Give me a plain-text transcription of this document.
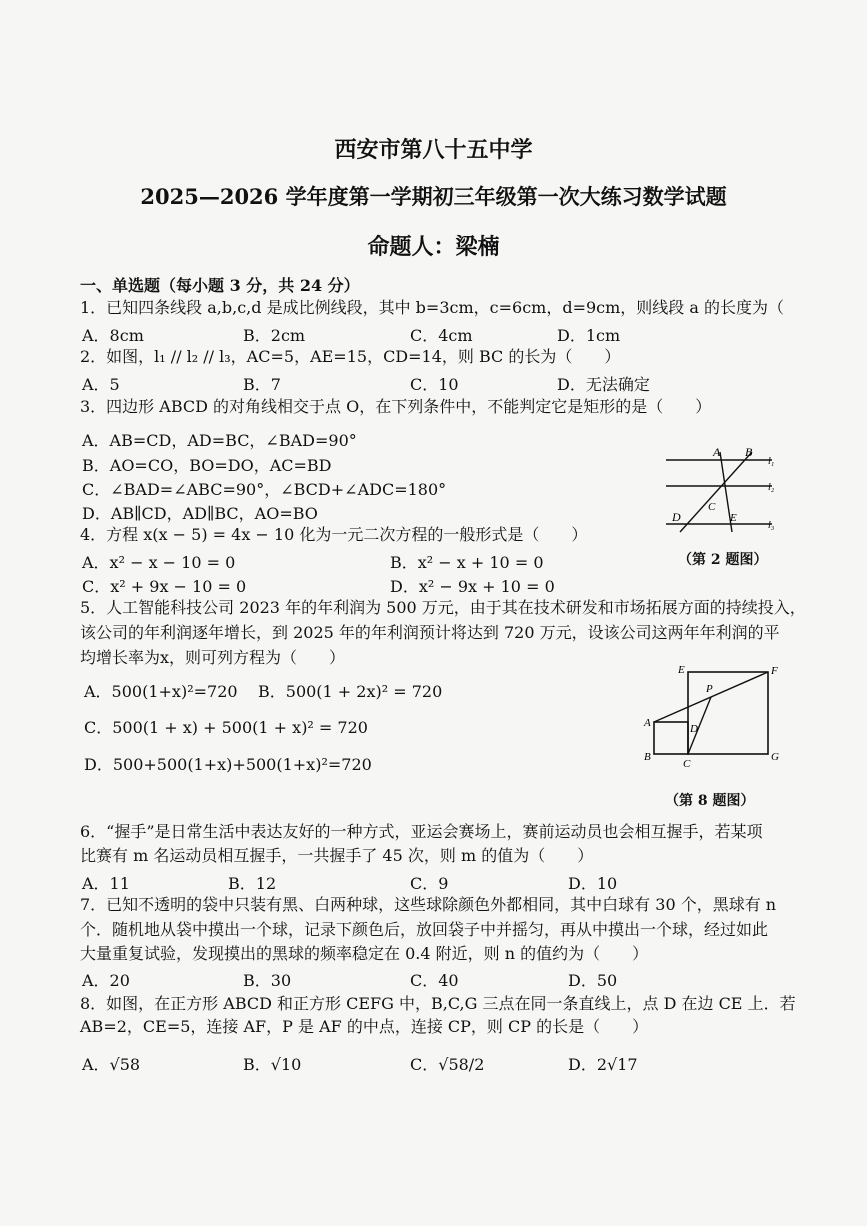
西安市第八十五中学
2025—2026 学年度第一学期初三年级第一次大练习数学试题
命题人：梁楠
一、单选题（每小题 3 分，共 24 分）
1．已知四条线段 a,b,c,d 是成比例线段，其中 b=3cm，c=6cm，d=9cm，则线段 a 的长度为（
A．8cm	B．2cm	C．4cm	D．1cm
2．如图，l₁ // l₂ // l₃，AC=5，AE=15，CD=14，则 BC 的长为（　　）
A．5	B．7	C．10	D．无法确定
3．四边形 ABCD 的对角线相交于点 O，在下列条件中，不能判定它是矩形的是（　　）
A．AB=CD，AD=BC，∠BAD=90°
B．AO=CO，BO=DO，AC=BD
C．∠BAD=∠ABC=90°，∠BCD+∠ADC=180°
D．AB∥CD，AD∥BC，AO=BO
A B
l₁
l₂
D
C
E
l₃
（第 2 题图）
4．方程 x(x − 5) = 4x − 10 化为一元二次方程的一般形式是（　　）
A．x² − x − 10 = 0	B．x² − x + 10 = 0
C．x² + 9x − 10 = 0	D．x² − 9x + 10 = 0
5．人工智能科技公司 2023 年的年利润为 500 万元，由于其在技术研发和市场拓展方面的持续投入，
该公司的年利润逐年增长，到 2025 年的年利润预计将达到 720 万元，设该公司这两年年利润的平
均增长率为x，则可列方程为（　　）
A．500(1+x)²=720 B．500(1 + 2x)² = 720
C．500(1 + x) + 500(1 + x)² = 720
D．500+500(1+x)+500(1+x)²=720
E	F
P
A	D
B
C
G
（第 8 题图）
6．“握手”是日常生活中表达友好的一种方式，亚运会赛场上，赛前运动员也会相互握手，若某项
比赛有 m 名运动员相互握手，一共握手了 45 次，则 m 的值为（　　）
A．11	B．12	C．9	D．10
7．已知不透明的袋中只装有黑、白两种球，这些球除颜色外都相同，其中白球有 30 个，黑球有 n
个．随机地从袋中摸出一个球，记录下颜色后，放回袋子中并摇匀，再从中摸出一个球，经过如此
大量重复试验，发现摸出的黑球的频率稳定在 0.4 附近，则 n 的值约为（　　）
A．20	B．30	C．40	D．50
8．如图，在正方形 ABCD 和正方形 CEFG 中，B,C,G 三点在同一条直线上，点 D 在边 CE 上．若
AB=2，CE=5，连接 AF，P 是 AF 的中点，连接 CP，则 CP 的长是（　　）
A．√58	B．√10	C．√58/2	D．2√17
